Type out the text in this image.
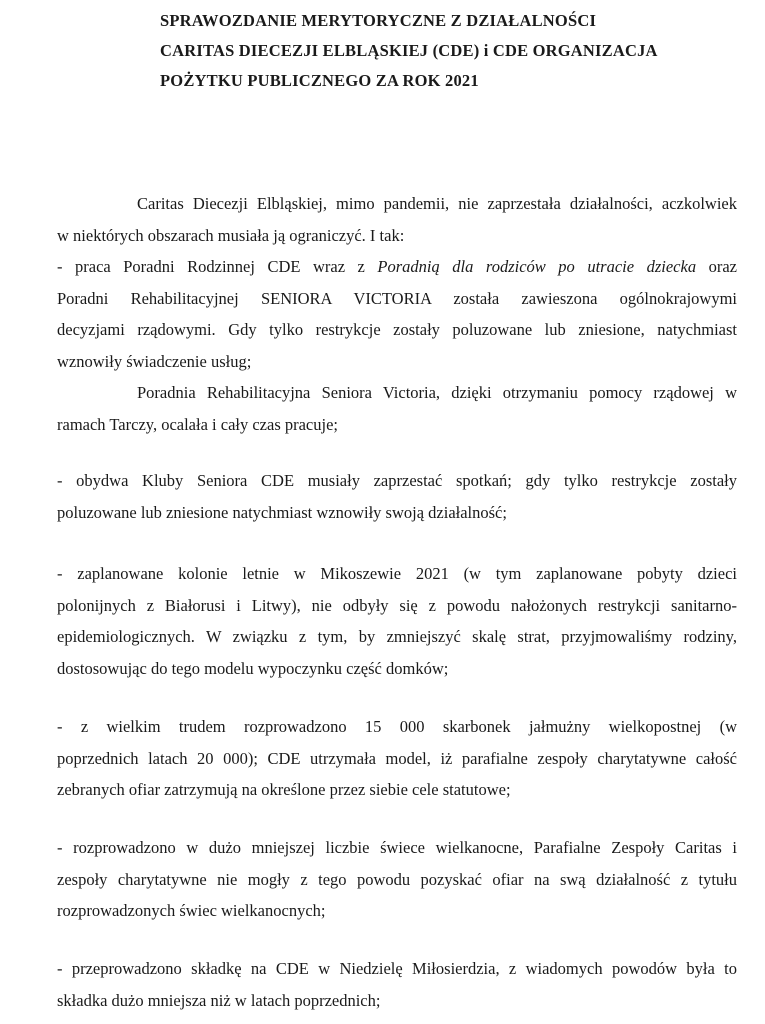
SPRAWOZDANIE MERYTORYCZNE Z DZIAŁALNOŚCI
CARITAS DIECEZJI ELBLĄSKIEJ (CDE) i CDE ORGANIZACJA
POŻYTKU PUBLICZNEGO ZA ROK 2021
Caritas Diecezji Elbląskiej, mimo pandemii, nie zaprzestała działalności, aczkolwiek
w niektórych obszarach musiała ją ograniczyć. I tak:
- praca Poradni Rodzinnej CDE wraz z Poradnią dla rodziców po utracie dziecka oraz
Poradni Rehabilitacyjnej SENIORA VICTORIA została zawieszona ogólnokrajowymi
decyzjami rządowymi. Gdy tylko restrykcje zostały poluzowane lub zniesione, natychmiast
wznowiły świadczenie usług;
Poradnia Rehabilitacyjna Seniora Victoria, dzięki otrzymaniu pomocy rządowej w
ramach Tarczy, ocalała i cały czas pracuje;
- obydwa Kluby Seniora CDE musiały zaprzestać spotkań; gdy tylko restrykcje zostały
poluzowane lub zniesione natychmiast wznowiły swoją działalność;
- zaplanowane kolonie letnie w Mikoszewie 2021 (w tym zaplanowane pobyty dzieci
polonijnych z Białorusi i Litwy), nie odbyły się z powodu nałożonych restrykcji sanitarno-
epidemiologicznych. W związku z tym, by zmniejszyć skalę strat, przyjmowaliśmy rodziny,
dostosowując do tego modelu wypoczynku część domków;
- z wielkim trudem rozprowadzono 15 000 skarbonek jałmużny wielkopostnej (w
poprzednich latach 20 000); CDE utrzymała model, iż parafialne zespoły charytatywne całość
zebranych ofiar zatrzymują na określone przez siebie cele statutowe;
- rozprowadzono w dużo mniejszej liczbie świece wielkanocne, Parafialne Zespoły Caritas i
zespoły charytatywne nie mogły z tego powodu pozyskać ofiar na swą działalność z tytułu
rozprowadzonych świec wielkanocnych;
- przeprowadzono składkę na CDE w Niedzielę Miłosierdzia, z wiadomych powodów była to
składka dużo mniejsza niż w latach poprzednich;
